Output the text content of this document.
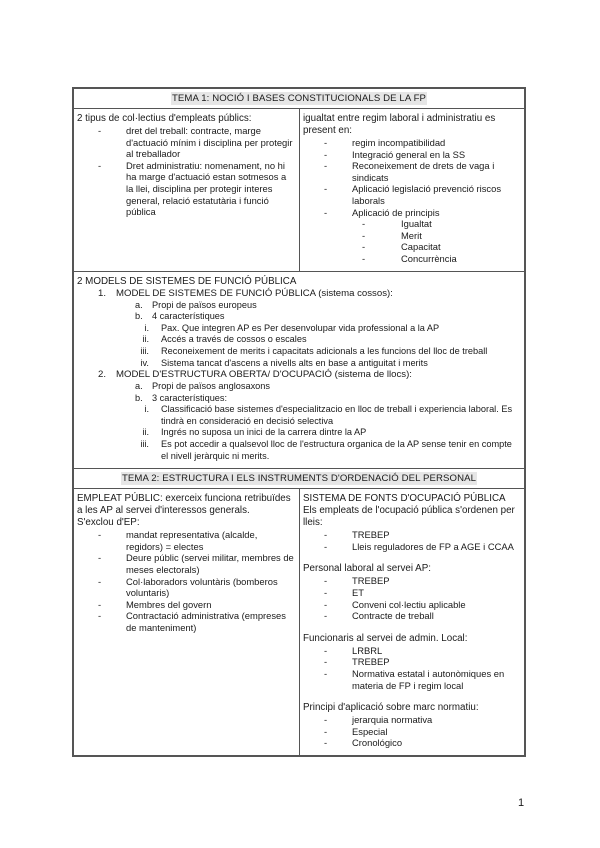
TEMA 1: NOCIÓ I BASES CONSTITUCIONALS DE LA FP
2 tipus de col·lectius d'empleats públics:
- dret del treball: contracte, marge d'actuació mínim i disciplina per protegir al treballador
- Dret administratiu: nomenament, no hi ha marge d'actuació estan sotmesos a la llei, disciplina per protegir interes general, relació estatutària i funció pública
igualtat entre regim laboral i administratiu es present en:
- regim incompatibilidad
- Integració general en la SS
- Reconeixement de drets de vaga i sindicats
- Aplicació legislació prevenció riscos laborals
- Aplicació de principis
- Igualtat
- Merit
- Capacitat
- Concurrència
2 MODELS DE SISTEMES DE FUNCIÓ PÚBLICA
1. MODEL DE SISTEMES DE FUNCIÓ PÚBLICA (sistema cossos):
a.	Propi de països europeus
b.	4 característiques
i. Pax. Que integren AP es Per desenvolupar vida professional a la AP
ii. Accés a través de cossos o escales
iii. Reconeixement de merits i capacitats adicionals a les funcions del lloc de treball
iv. Sistema tancat d'ascens a nivells alts en base a antiguitat i merits
2. MODEL D'ESTRUCTURA OBERTA/ D'OCUPACIÓ (sistema de llocs):
a.	Propi de països anglosaxons
b.	3 característiques:
i. Classificació base sistemes d'especialitzacio en lloc de treball i experiencia laboral. Es tindrà en consideració en decisió selectiva
ii. Ingrés no suposa un inici de la carrera dintre la AP
iii. Es pot accedir a qualsevol lloc de l'estructura organica de la AP sense tenir en compte el nivell jeràrquic ni merits.
TEMA 2: ESTRUCTURA I ELS INSTRUMENTS D'ORDENACIÓ DEL PERSONAL
EMPLEAT PÚBLIC: exerceix funciona retribuïdes a les AP al servei d'interessos generals.
S'exclou d'EP:
- mandat representativa (alcalde, regidors) = electes
- Deure públic (servei militar, membres de meses electorals)
- Col·laboradors voluntàris (bomberos voluntaris)
- Membres del govern
- Contractació administrativa (empreses de manteniment)
SISTEMA DE FONTS D'OCUPACIÓ PÚBLICA
Els empleats de l'ocupació pública s'ordenen per lleis:
- TREBEP
- Lleis reguladores de FP a AGE i CCAA
Personal laboral al servei AP:
- TREBEP
- ET
- Conveni col·lectiu aplicable
- Contracte de treball
Funcionaris al servei de admin. Local:
- LRBRL
- TREBEP
- Normativa estatal i autonòmiques en materia de FP i regim local
Principi d'aplicació sobre marc normatiu:
- jerarquia normativa
- Especial
- Cronológico
1
